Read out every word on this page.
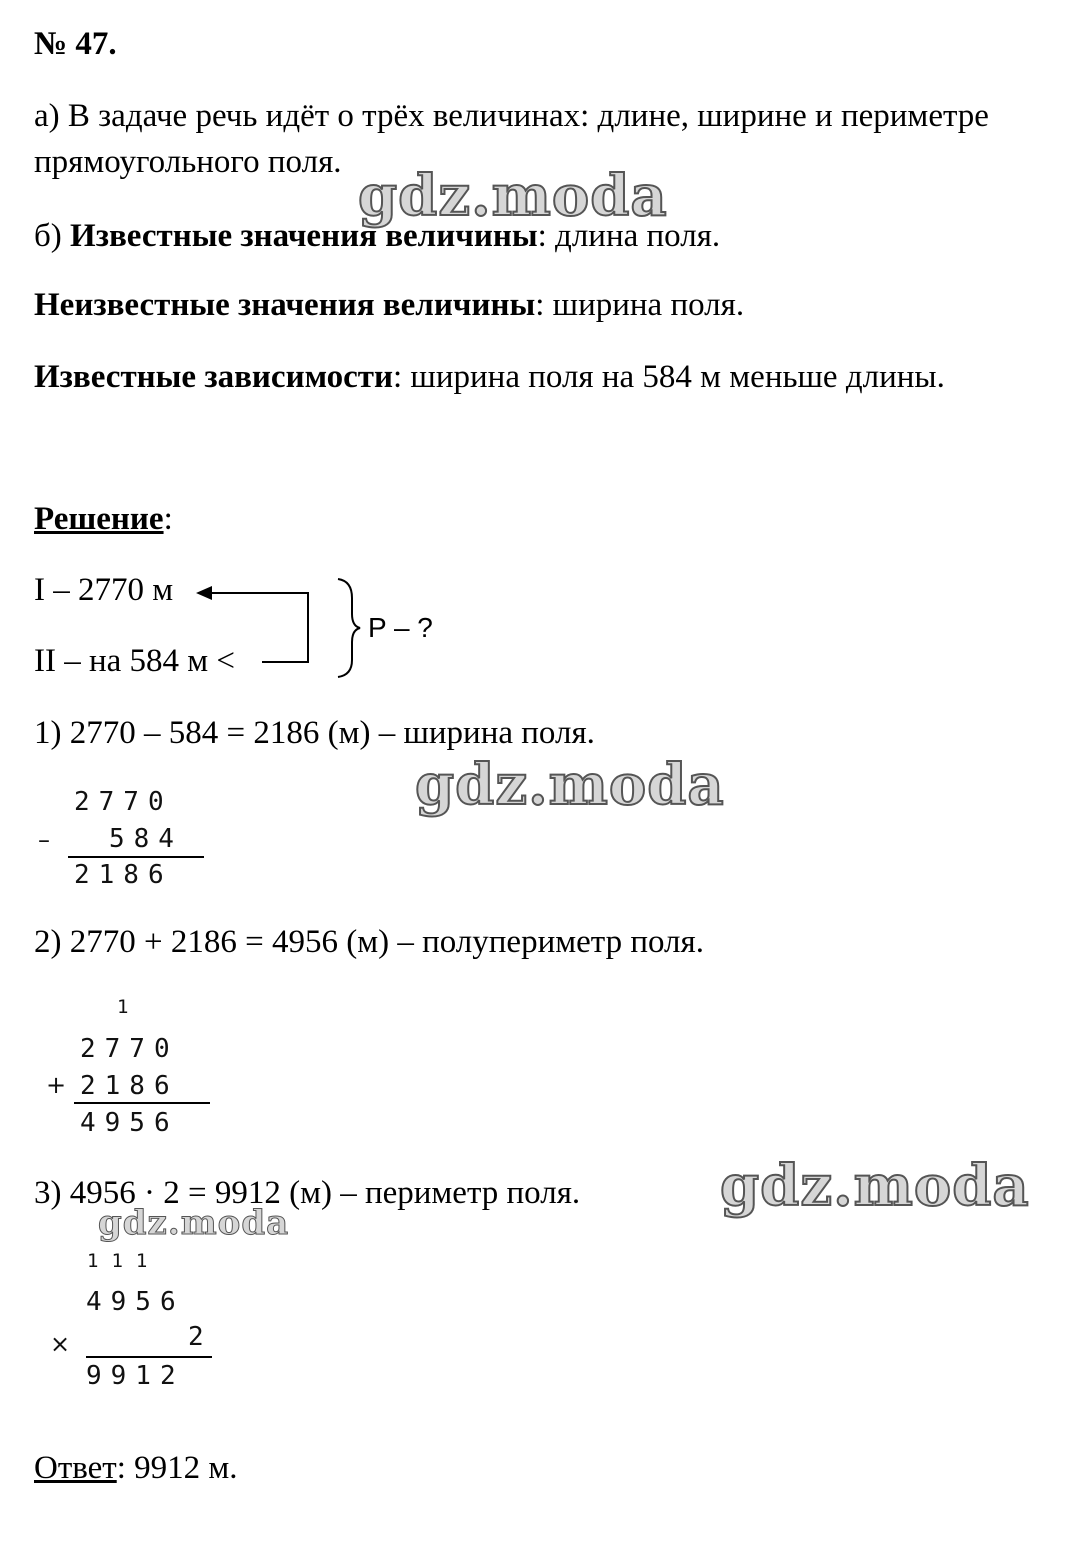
№ 47.
а) В задаче речь идёт о трёх величинах: длине, ширине и периметре
прямоугольного поля.
б) Известные значения величины: длина поля.
Неизвестные значения величины: ширина поля.
Известные зависимости: ширина поля на 584 м меньше длины.
Решение:
I – 2770 м
II – на 584 м <
P – ?
1) 2770 – 584 = 2186 (м) – ширина поля.
2770
– 584
2186
2) 2770 + 2186 = 4956 (м) – полупериметр поля.
1
2770
+ 2186
4956
3) 4956 · 2 = 9912 (м) – периметр поля.
111
4956
×	2
9912
Ответ: 9912 м.
gdz.moda
gdz.moda
gdz.moda
gdz.moda
